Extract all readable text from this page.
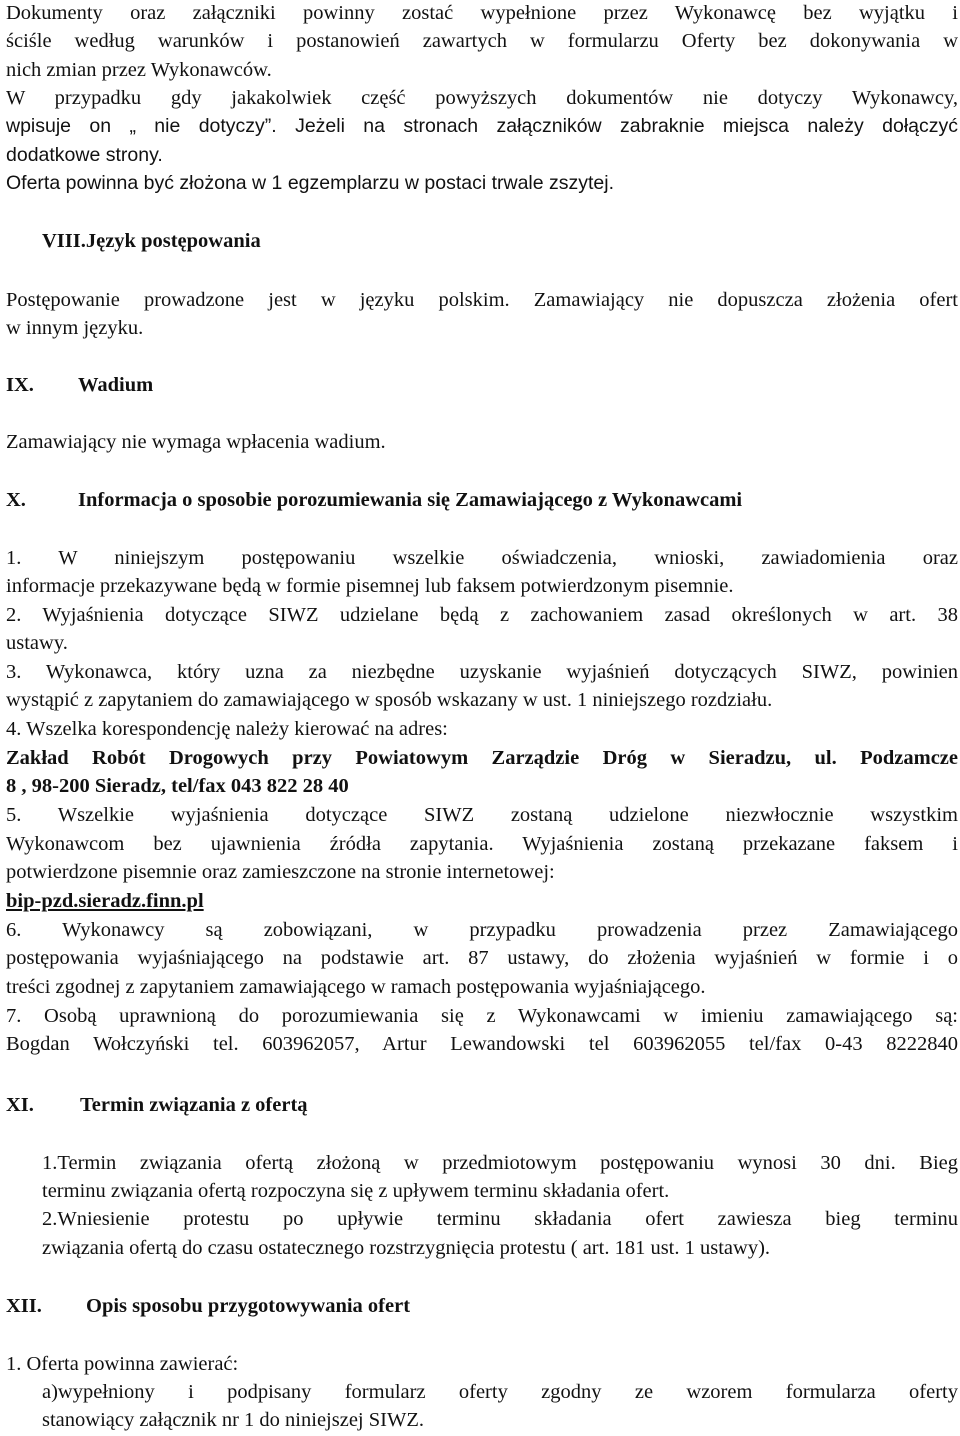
Dokumenty oraz załączniki powinny zostać wypełnione przez Wykonawcę bez wyjątku i
ściśle według warunków i postanowień zawartych w formularzu Oferty bez dokonywania w
nich zmian przez Wykonawców.
W przypadku gdy jakakolwiek część powyższych dokumentów nie dotyczy Wykonawcy,
wpisuje on „ nie dotyczy”. Jeżeli na stronach załączników zabraknie miejsca należy dołączyć
dodatkowe strony.
Oferta powinna być złożona w 1 egzemplarzu w postaci trwale zszytej.
VIII.Język postępowania
Postępowanie prowadzone jest w języku polskim. Zamawiający nie dopuszcza złożenia ofert
w innym języku.
IX. Wadium
Zamawiający nie wymaga wpłacenia wadium.
X.	Informacja o sposobie porozumiewania się Zamawiającego z Wykonawcami
1. W niniejszym postępowaniu wszelkie oświadczenia, wnioski, zawiadomienia oraz
informacje przekazywane będą w formie pisemnej lub faksem potwierdzonym pisemnie.
2. Wyjaśnienia dotyczące SIWZ udzielane będą z zachowaniem zasad określonych w art. 38
ustawy.
3. Wykonawca, który uzna za niezbędne uzyskanie wyjaśnień dotyczących SIWZ, powinien
wystąpić z zapytaniem do zamawiającego w sposób wskazany w ust. 1 niniejszego rozdziału.
4. Wszelka korespondencję należy kierować na adres:
Zakład Robót Drogowych przy Powiatowym Zarządzie Dróg w Sieradzu, ul. Podzamcze
8 , 98-200 Sieradz, tel/fax 043 822 28 40
5. Wszelkie wyjaśnienia dotyczące SIWZ zostaną udzielone niezwłocznie wszystkim
Wykonawcom bez ujawnienia źródła zapytania. Wyjaśnienia zostaną przekazane faksem i
potwierdzone pisemnie oraz zamieszczone na stronie internetowej:
bip-pzd.sieradz.finn.pl
6. Wykonawcy są zobowiązani, w przypadku prowadzenia przez Zamawiającego
postępowania wyjaśniającego na podstawie art. 87 ustawy, do złożenia wyjaśnień w formie i o
treści zgodnej z zapytaniem zamawiającego w ramach postępowania wyjaśniającego.
7. Osobą uprawnioną do porozumiewania się z Wykonawcami w imieniu zamawiającego są:
Bogdan Wołczyński tel. 603962057, Artur Lewandowski tel 603962055 tel/fax 0-43 8222840
XI. Termin związania z ofertą
1.Termin związania ofertą złożoną w przedmiotowym postępowaniu wynosi 30 dni. Bieg
terminu związania ofertą rozpoczyna się z upływem terminu składania ofert.
2.Wniesienie protestu po upływie terminu składania ofert zawiesza bieg terminu
związania ofertą do czasu ostatecznego rozstrzygnięcia protestu ( art. 181 ust. 1 ustawy).
XII. Opis sposobu przygotowywania ofert
1. Oferta powinna zawierać:
a)wypełniony i podpisany formularz oferty zgodny ze wzorem formularza oferty
stanowiący załącznik nr 1 do niniejszej SIWZ.
